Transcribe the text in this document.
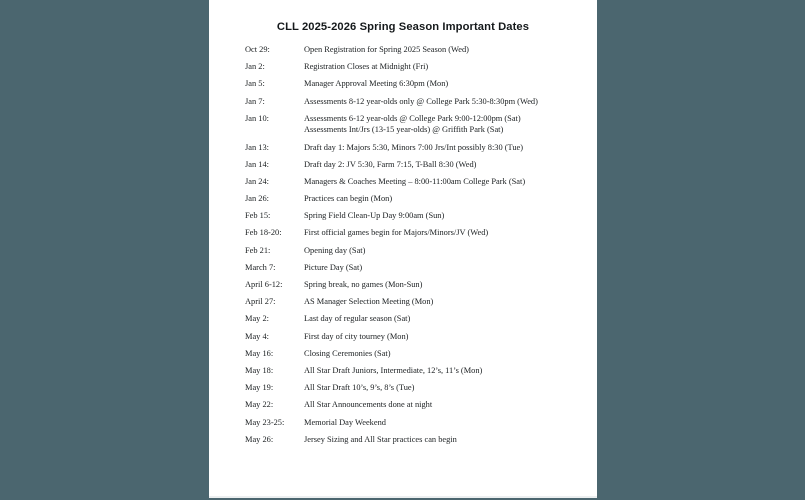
CLL 2025-2026 Spring Season Important Dates
Oct 29:	Open Registration for Spring 2025 Season (Wed)
Jan 2:	Registration Closes at Midnight (Fri)
Jan 5:	Manager Approval Meeting 6:30pm (Mon)
Jan 7:	Assessments 8-12 year-olds only @ College Park 5:30-8:30pm (Wed)
Jan 10:	Assessments 6-12 year-olds @ College Park 9:00-12:00pm (Sat)
Assessments Int/Jrs (13-15 year-olds) @ Griffith Park (Sat)
Jan 13:	Draft day 1: Majors 5:30, Minors 7:00 Jrs/Int possibly 8:30 (Tue)
Jan 14:	Draft day 2: JV 5:30, Farm 7:15, T-Ball 8:30 (Wed)
Jan 24:	Managers & Coaches Meeting – 8:00-11:00am College Park (Sat)
Jan 26:	Practices can begin (Mon)
Feb 15:	Spring Field Clean-Up Day 9:00am (Sun)
Feb 18-20:	First official games begin for Majors/Minors/JV (Wed)
Feb 21:	Opening day (Sat)
March 7:	Picture Day (Sat)
April 6-12:	Spring break, no games (Mon-Sun)
April 27:	AS Manager Selection Meeting (Mon)
May 2:	Last day of regular season (Sat)
May 4:	First day of city tourney (Mon)
May 16:	Closing Ceremonies (Sat)
May 18:	All Star Draft Juniors, Intermediate, 12’s, 11’s (Mon)
May 19:	All Star Draft 10’s, 9’s, 8’s (Tue)
May 22:	All Star Announcements done at night
May 23-25:	Memorial Day Weekend
May 26:	Jersey Sizing and All Star practices can begin
